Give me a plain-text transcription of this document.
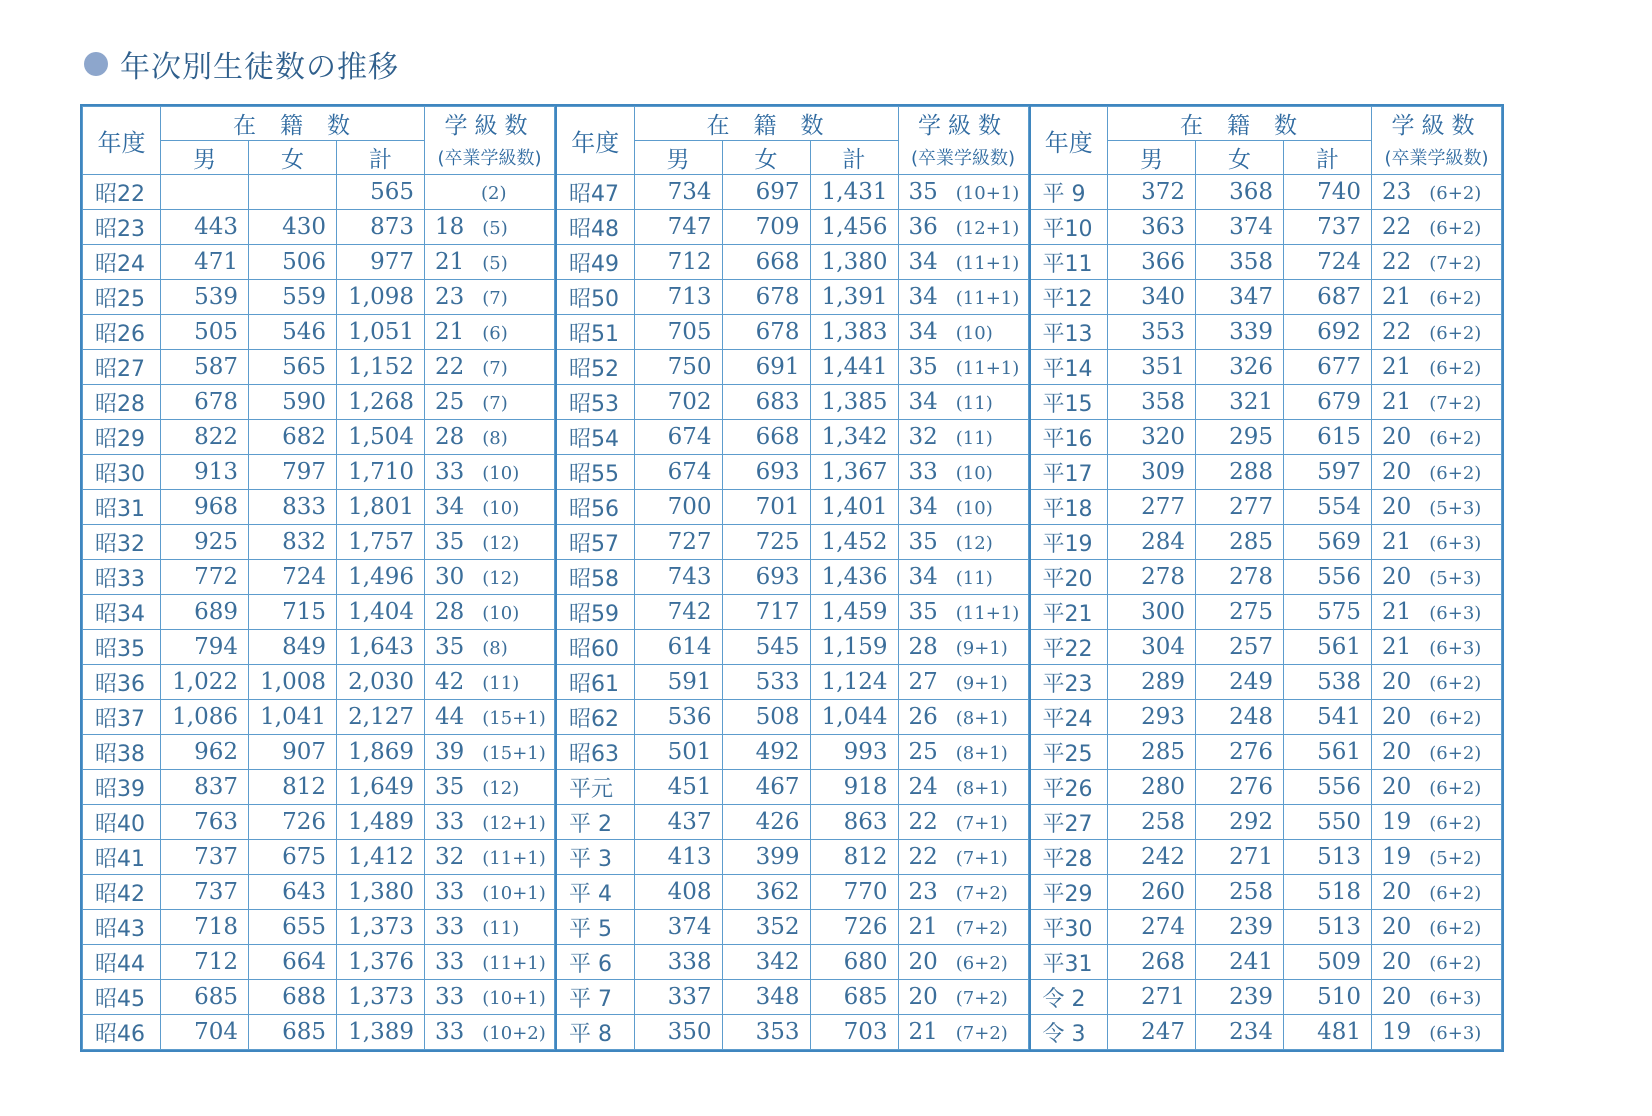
年次別生徒数の推移
年度	在籍数			学級数
	男	女	計	(卒業学級数)
昭22			565	(2)
昭23	443	430	873	18 (5)
昭24	471	506	977	21 (5)
昭25	539	559	1,098	23 (7)
昭26	505	546	1,051	21 (6)
昭27	587	565	1,152	22 (7)
昭28	678	590	1,268	25 (7)
昭29	822	682	1,504	28 (8)
昭30	913	797	1,710	33 (10)
昭31	968	833	1,801	34 (10)
昭32	925	832	1,757	35 (12)
昭33	772	724	1,496	30 (12)
昭34	689	715	1,404	28 (10)
昭35	794	849	1,643	35 (8)
昭36	1,022	1,008	2,030	42 (11)
昭37	1,086	1,041	2,127	44 (15+1)
昭38	962	907	1,869	39 (15+1)
昭39	837	812	1,649	35 (12)
昭40	763	726	1,489	33 (12+1)
昭41	737	675	1,412	32 (11+1)
昭42	737	643	1,380	33 (10+1)
昭43	718	655	1,373	33 (11)
昭44	712	664	1,376	33 (11+1)
昭45	685	688	1,373	33 (10+1)
昭46	704	685	1,389	33 (10+2)
年度	在籍数			学級数
	男	女	計	(卒業学級数)
昭47	734	697	1,431	35 (10+1)
昭48	747	709	1,456	36 (12+1)
昭49	712	668	1,380	34 (11+1)
昭50	713	678	1,391	34 (11+1)
昭51	705	678	1,383	34 (10)
昭52	750	691	1,441	35 (11+1)
昭53	702	683	1,385	34 (11)
昭54	674	668	1,342	32 (11)
昭55	674	693	1,367	33 (10)
昭56	700	701	1,401	34 (10)
昭57	727	725	1,452	35 (12)
昭58	743	693	1,436	34 (11)
昭59	742	717	1,459	35 (11+1)
昭60	614	545	1,159	28 (9+1)
昭61	591	533	1,124	27 (9+1)
昭62	536	508	1,044	26 (8+1)
昭63	501	492	993	25 (8+1)
平元	451	467	918	24 (8+1)
平 2	437	426	863	22 (7+1)
平 3	413	399	812	22 (7+1)
平 4	408	362	770	23 (7+2)
平 5	374	352	726	21 (7+2)
平 6	338	342	680	20 (6+2)
平 7	337	348	685	20 (7+2)
平 8	350	353	703	21 (7+2)
年度	在籍数			学級数
	男	女	計	(卒業学級数)
平 9	372	368	740	23 (6+2)
平10	363	374	737	22 (6+2)
平11	366	358	724	22 (7+2)
平12	340	347	687	21 (6+2)
平13	353	339	692	22 (6+2)
平14	351	326	677	21 (6+2)
平15	358	321	679	21 (7+2)
平16	320	295	615	20 (6+2)
平17	309	288	597	20 (6+2)
平18	277	277	554	20 (5+3)
平19	284	285	569	21 (6+3)
平20	278	278	556	20 (5+3)
平21	300	275	575	21 (6+3)
平22	304	257	561	21 (6+3)
平23	289	249	538	20 (6+2)
平24	293	248	541	20 (6+2)
平25	285	276	561	20 (6+2)
平26	280	276	556	20 (6+2)
平27	258	292	550	19 (6+2)
平28	242	271	513	19 (5+2)
平29	260	258	518	20 (6+2)
平30	274	239	513	20 (6+2)
平31	268	241	509	20 (6+2)
令 2	271	239	510	20 (6+3)
令 3	247	234	481	19 (6+3)
